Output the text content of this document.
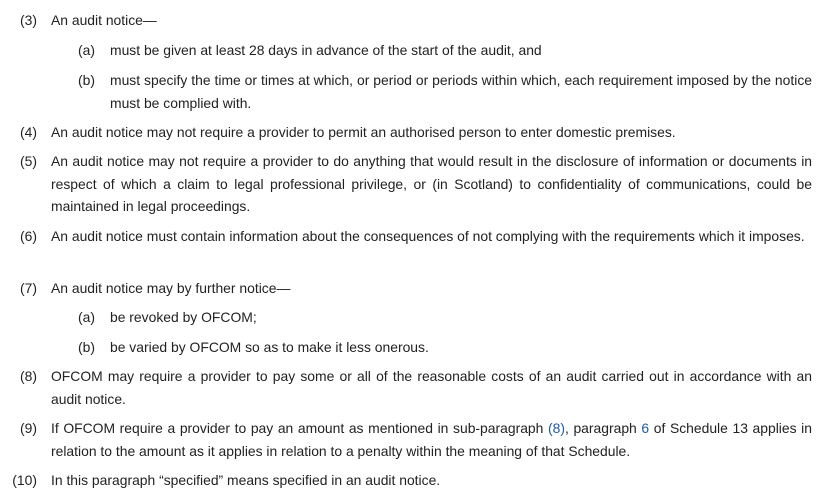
(3) An audit notice—
(a) must be given at least 28 days in advance of the start of the audit, and
(b) must specify the time or times at which, or period or periods within which, each requirement imposed by the notice must be complied with.
(4) An audit notice may not require a provider to permit an authorised person to enter domestic premises.
(5) An audit notice may not require a provider to do anything that would result in the disclosure of information or documents in respect of which a claim to legal professional privilege, or (in Scotland) to confidentiality of communications, could be maintained in legal proceedings.
(6) An audit notice must contain information about the consequences of not complying with the requirements which it imposes.
(7) An audit notice may by further notice—
(a) be revoked by OFCOM;
(b) be varied by OFCOM so as to make it less onerous.
(8) OFCOM may require a provider to pay some or all of the reasonable costs of an audit carried out in accordance with an audit notice.
(9) If OFCOM require a provider to pay an amount as mentioned in sub-paragraph (8), paragraph 6 of Schedule 13 applies in relation to the amount as it applies in relation to a penalty within the meaning of that Schedule.
(10) In this paragraph “specified” means specified in an audit notice.
